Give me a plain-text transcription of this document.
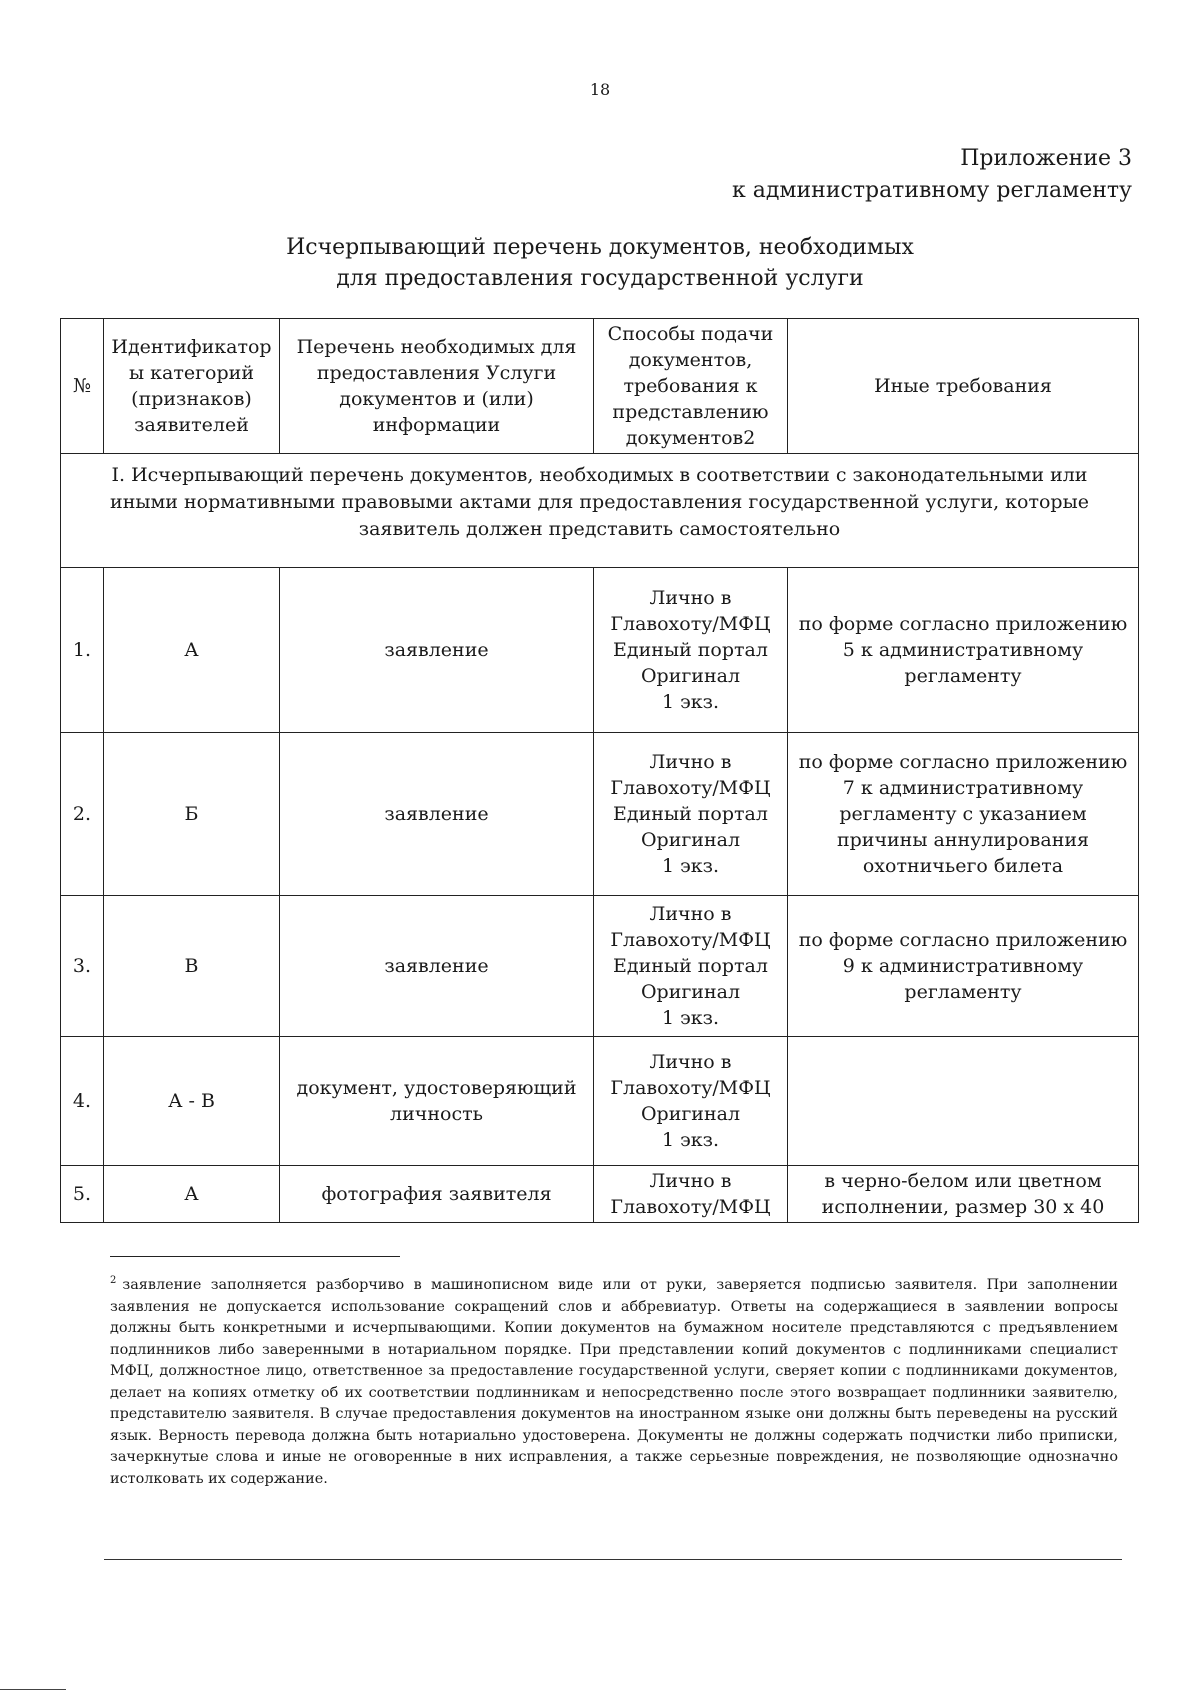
18
Приложение 3
к административному регламенту
Исчерпывающий перечень документов, необходимых
для предоставления государственной услуги
№	Идентификаторы категорий (признаков) заявителей	Перечень необходимых для предоставления Услуги документов и (или) информации	Способы подачи документов, требования к представлению документов2	Иные требования
I. Исчерпывающий перечень документов, необходимых в соответствии с законодательными или иными нормативными правовыми актами для предоставления государственной услуги, которые заявитель должен представить самостоятельно				
1.	А	заявление	Лично в
Главохоту/МФЦ
Единый портал
Оригинал
1 экз.	по форме согласно приложению 5 к административному регламенту
2.	Б	заявление	Лично в
Главохоту/МФЦ
Единый портал
Оригинал
1 экз.	по форме согласно приложению 7 к административному регламенту с указанием причины аннулирования охотничьего билета
3.	В	заявление	Лично в
Главохоту/МФЦ
Единый портал
Оригинал
1 экз.	по форме согласно приложению 9 к административному регламенту
4.	А - В	документ, удостоверяющий личность	Лично в
Главохоту/МФЦ
Оригинал
1 экз.	

5.	А	фотография заявителя	Лично в
Главохоту/МФЦ	в черно-белом или цветном исполнении, размер 30 x 40
$^2$ заявление заполняется разборчиво в машинописном виде или от руки, заверяется подписью заявителя. При заполнении заявления не допускается использование сокращений слов и аббревиатур. Ответы на содержащиеся в заявлении вопросы должны быть конкретными и исчерпывающими. Копии документов на бумажном носителе представляются с предъявлением подлинников либо заверенными в нотариальном порядке. При представлении копий документов с подлинниками специалист МФЦ, должностное лицо, ответственное за предоставление государственной услуги, сверяет копии с подлинниками документов, делает на копиях отметку об их соответствии подлинникам и непосредственно после этого возвращает подлинники заявителю, представителю заявителя. В случае предоставления документов на иностранном языке они должны быть переведены на русский язык. Верность перевода должна быть нотариально удостоверена. Документы не должны содержать подчистки либо приписки, зачеркнутые слова и иные не оговоренные в них исправления, а также серьезные повреждения, не позволяющие однозначно истолковать их содержание.
